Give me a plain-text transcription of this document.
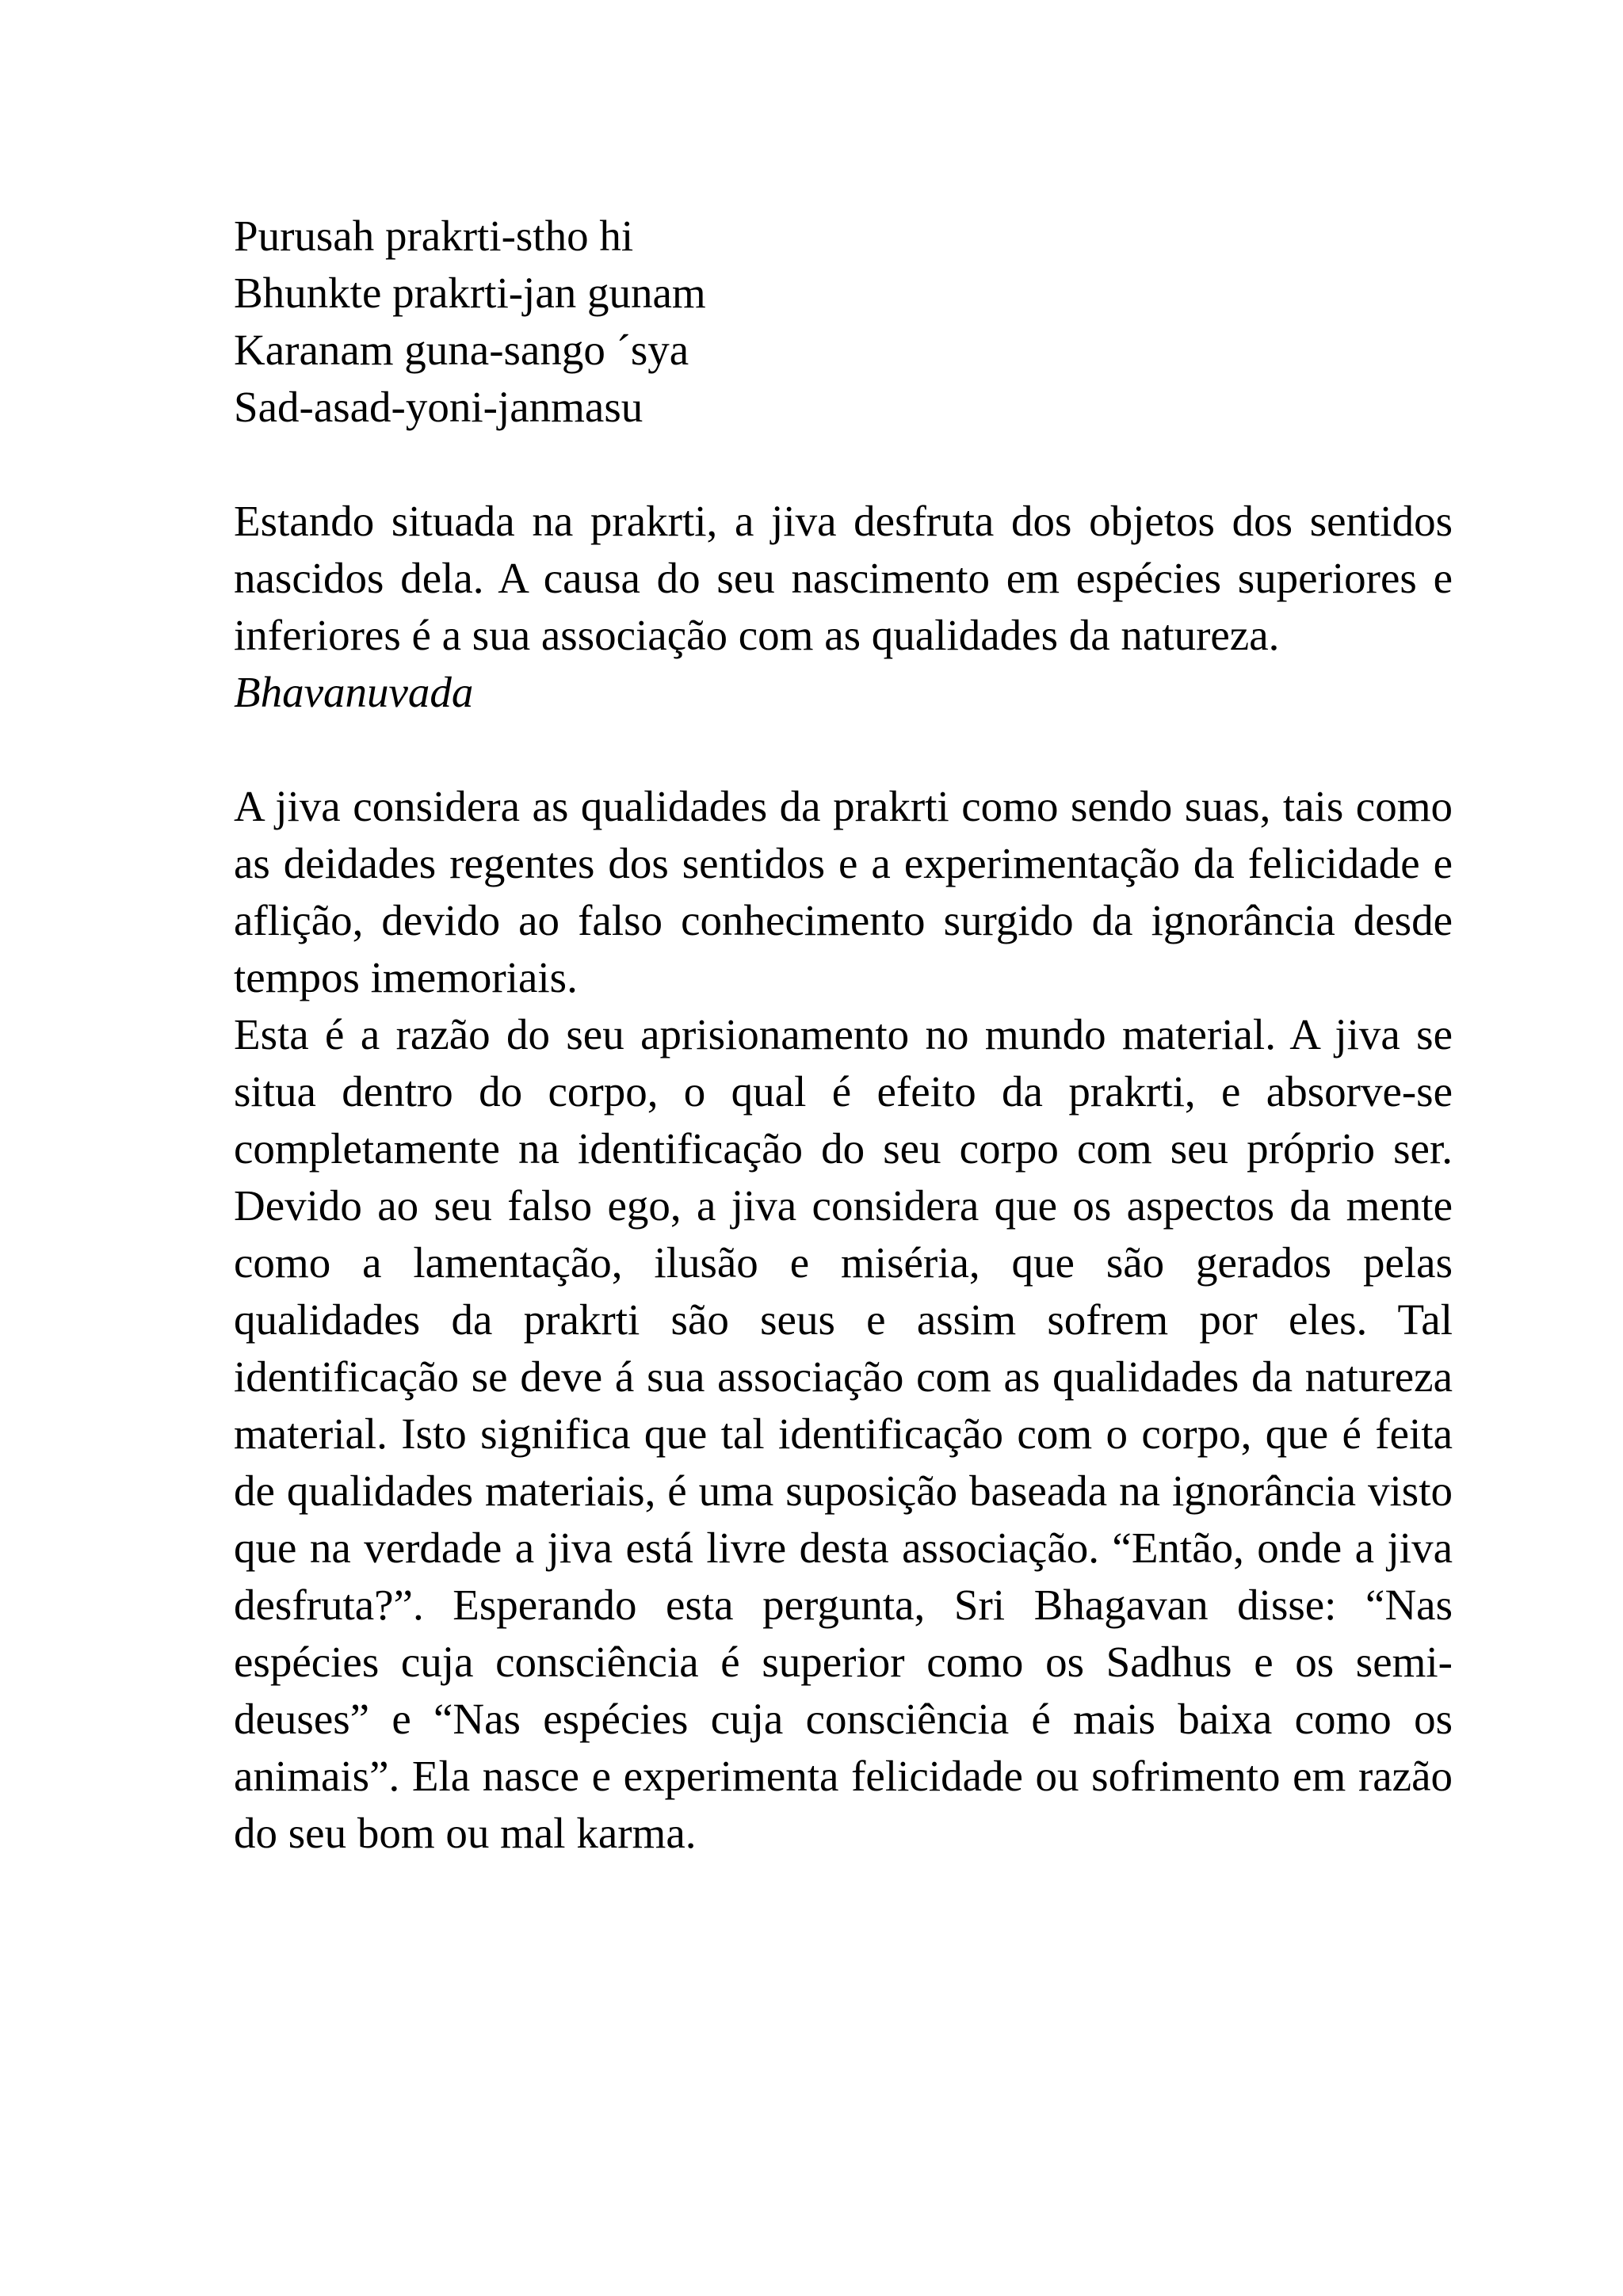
Purusah prakrti-stho hi
Bhunkte prakrti-jan gunam
Karanam guna-sango ´sya
Sad-asad-yoni-janmasu

Estando situada na prakrti, a jiva desfruta dos objetos dos sentidos nascidos dela. A causa do seu nascimento em espécies superiores e inferiores é a sua associação com as qualidades da natureza.

Bhavanuvada

A jiva considera as qualidades da prakrti como sendo suas, tais como as deidades regentes dos sentidos e a experimentação da felicidade e aflição, devido ao falso conhecimento surgido da ignorância desde tempos imemoriais.

Esta é a razão do seu aprisionamento no mundo material. A jiva se situa dentro do corpo, o qual é efeito da prakrti, e absorve-se completamente na identificação do seu corpo com seu próprio ser. Devido ao seu falso ego, a jiva considera que os aspectos da mente como a lamentação, ilusão e miséria, que são gerados pelas qualidades da prakrti são seus e assim sofrem por eles. Tal identificação se deve á sua associação com as qualidades da natureza material. Isto significa que tal identificação com o corpo, que é feita de qualidades materiais, é uma suposição baseada na ignorância visto que na verdade a jiva está livre desta associação. “Então, onde a jiva desfruta?”. Esperando esta pergunta, Sri Bhagavan disse: “Nas espécies cuja consciência é superior como os Sadhus e os semi-deuses” e “Nas espécies cuja consciência é mais baixa como os animais”. Ela nasce e experimenta felicidade ou sofrimento em razão do seu bom ou mal karma.
